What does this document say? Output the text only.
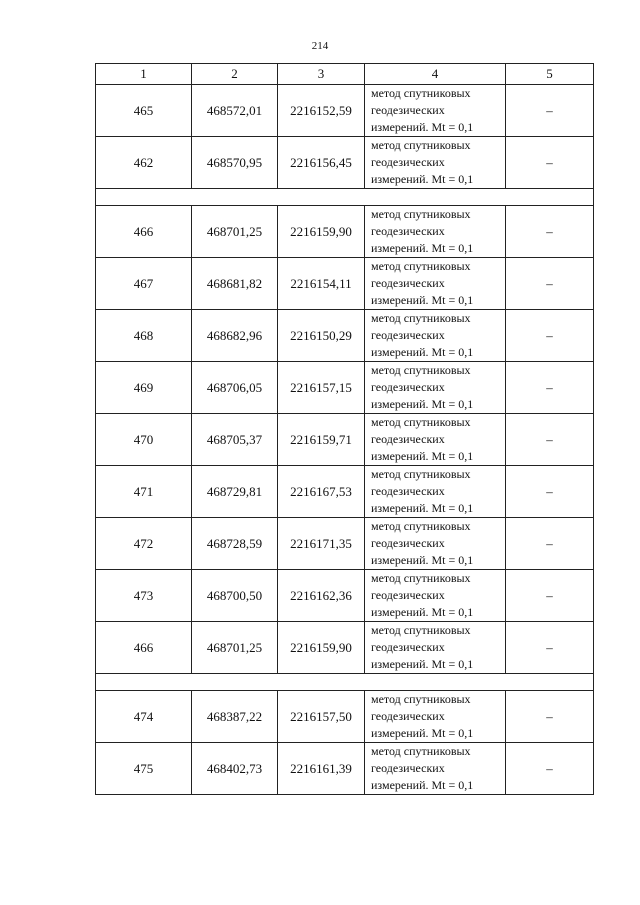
214
1	2	3	4	5
465	468572,01	2216152,59	метод спутниковых
геодезических
измерений. Mt = 0,1	–
462	468570,95	2216156,45	метод спутниковых
геодезических
измерений. Mt = 0,1	–

466	468701,25	2216159,90	метод спутниковых
геодезических
измерений. Mt = 0,1	–
467	468681,82	2216154,11	метод спутниковых
геодезических
измерений. Mt = 0,1	–
468	468682,96	2216150,29	метод спутниковых
геодезических
измерений. Mt = 0,1	–
469	468706,05	2216157,15	метод спутниковых
геодезических
измерений. Mt = 0,1	–
470	468705,37	2216159,71	метод спутниковых
геодезических
измерений. Mt = 0,1	–
471	468729,81	2216167,53	метод спутниковых
геодезических
измерений. Mt = 0,1	–
472	468728,59	2216171,35	метод спутниковых
геодезических
измерений. Mt = 0,1	–
473	468700,50	2216162,36	метод спутниковых
геодезических
измерений. Mt = 0,1	–
466	468701,25	2216159,90	метод спутниковых
геодезических
измерений. Mt = 0,1	–

474	468387,22	2216157,50	метод спутниковых
геодезических
измерений. Mt = 0,1	–
475	468402,73	2216161,39	метод спутниковых
геодезических
измерений. Mt = 0,1	–
